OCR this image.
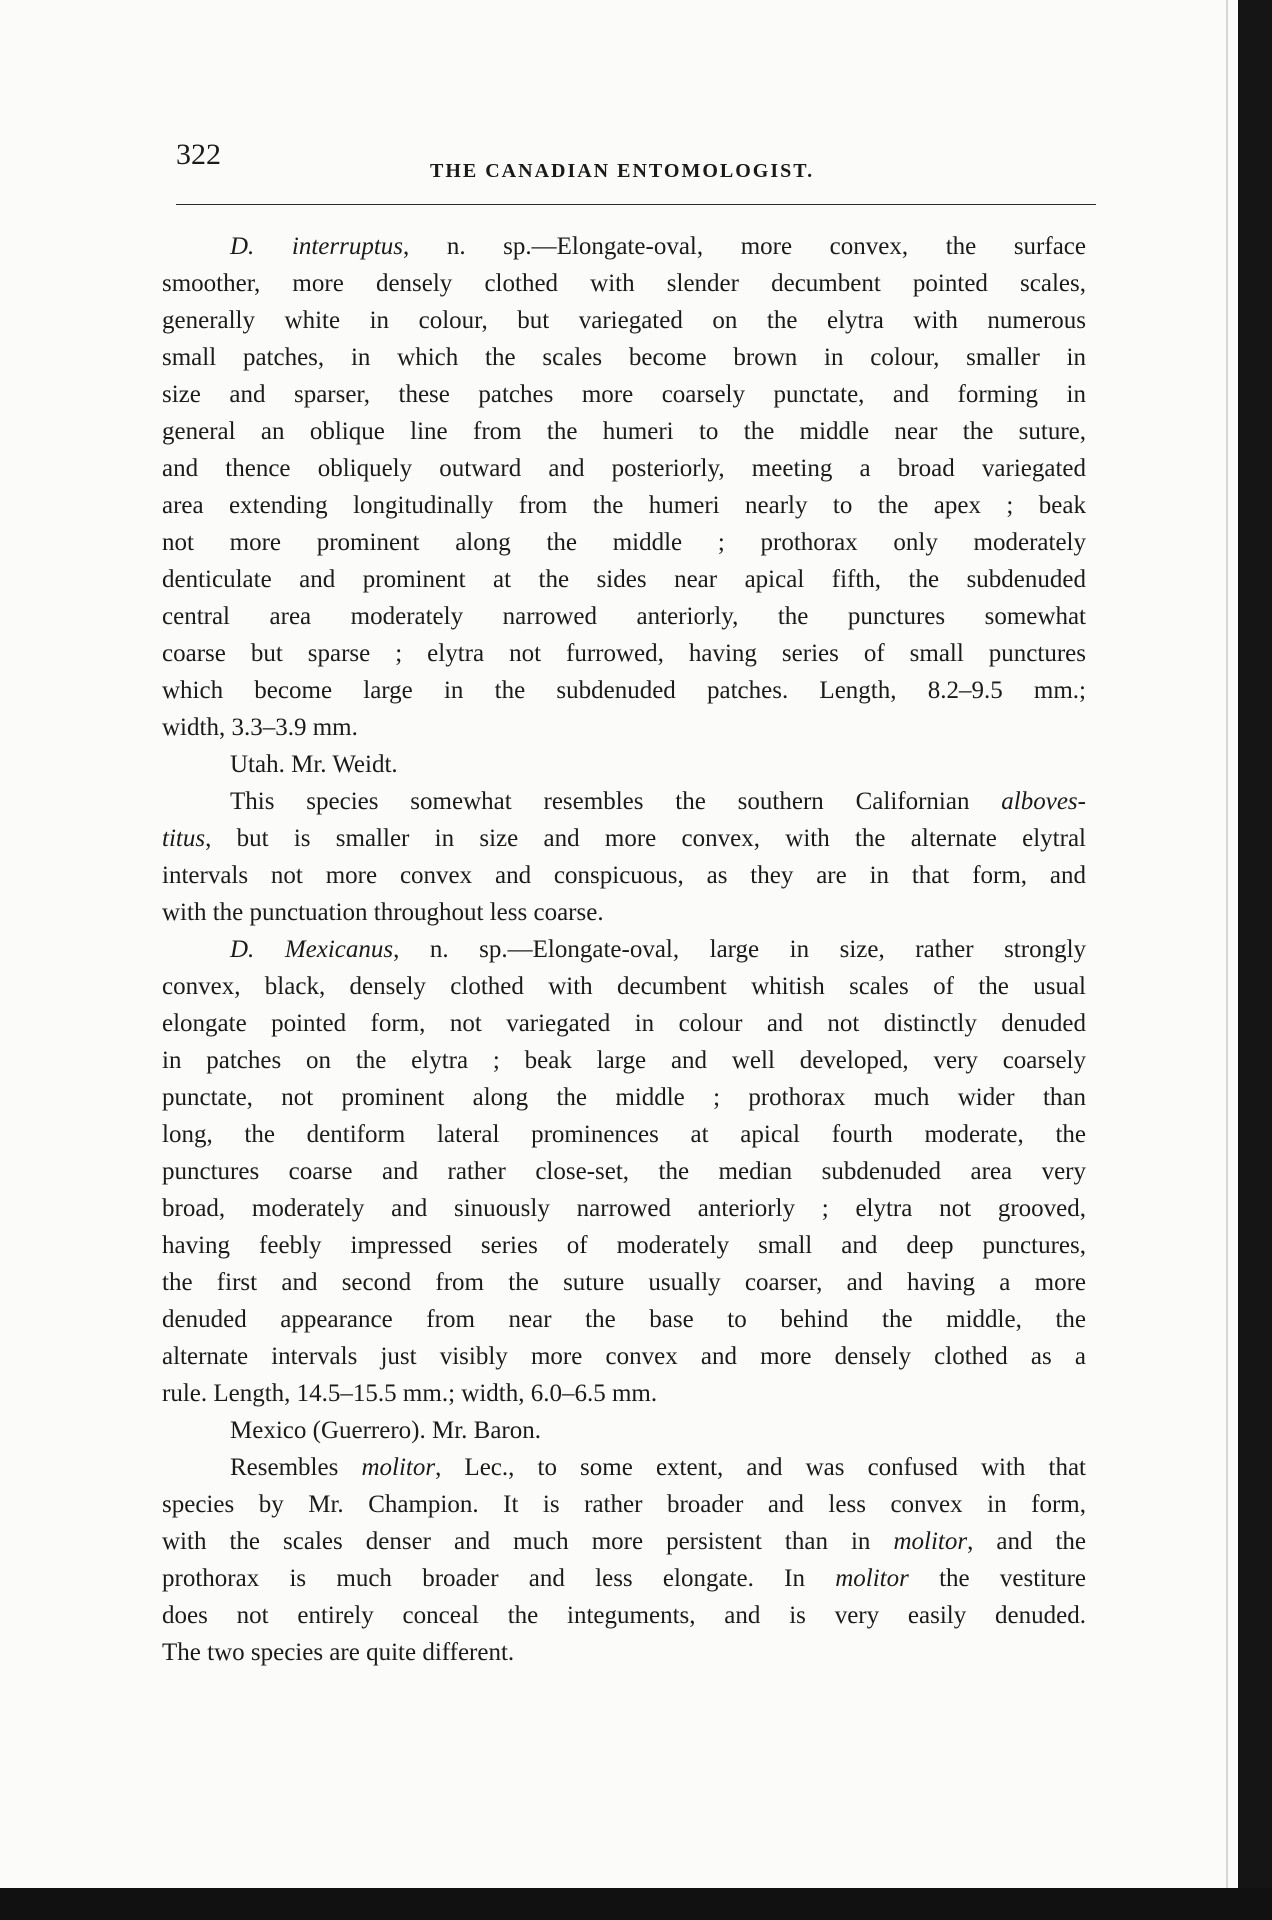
322	THE CANADIAN ENTOMOLOGIST.
D. interruptus, n. sp.—Elongate-oval, more convex, the surface
smoother, more densely clothed with slender decumbent pointed scales,
generally white in colour, but variegated on the elytra with numerous
small patches, in which the scales become brown in colour, smaller in
size and sparser, these patches more coarsely punctate, and forming in
general an oblique line from the humeri to the middle near the suture,
and thence obliquely outward and posteriorly, meeting a broad variegated
area extending longitudinally from the humeri nearly to the apex ; beak
not more prominent along the middle ; prothorax only moderately
denticulate and prominent at the sides near apical fifth, the subdenuded
central area moderately narrowed anteriorly, the punctures somewhat
coarse but sparse ; elytra not furrowed, having series of small punctures
which become large in the subdenuded patches. Length, 8.2–9.5 mm.;
width, 3.3–3.9 mm.
Utah. Mr. Weidt.
This species somewhat resembles the southern Californian alboves-
titus, but is smaller in size and more convex, with the alternate elytral
intervals not more convex and conspicuous, as they are in that form, and
with the punctuation throughout less coarse.
D. Mexicanus, n. sp.—Elongate-oval, large in size, rather strongly
convex, black, densely clothed with decumbent whitish scales of the usual
elongate pointed form, not variegated in colour and not distinctly denuded
in patches on the elytra ; beak large and well developed, very coarsely
punctate, not prominent along the middle ; prothorax much wider than
long, the dentiform lateral prominences at apical fourth moderate, the
punctures coarse and rather close-set, the median subdenuded area very
broad, moderately and sinuously narrowed anteriorly ; elytra not grooved,
having feebly impressed series of moderately small and deep punctures,
the first and second from the suture usually coarser, and having a more
denuded appearance from near the base to behind the middle, the
alternate intervals just visibly more convex and more densely clothed as a
rule. Length, 14.5–15.5 mm.; width, 6.0–6.5 mm.
Mexico (Guerrero). Mr. Baron.
Resembles molitor, Lec., to some extent, and was confused with that
species by Mr. Champion. It is rather broader and less convex in form,
with the scales denser and much more persistent than in molitor, and the
prothorax is much broader and less elongate. In molitor the vestiture
does not entirely conceal the integuments, and is very easily denuded.
The two species are quite different.
